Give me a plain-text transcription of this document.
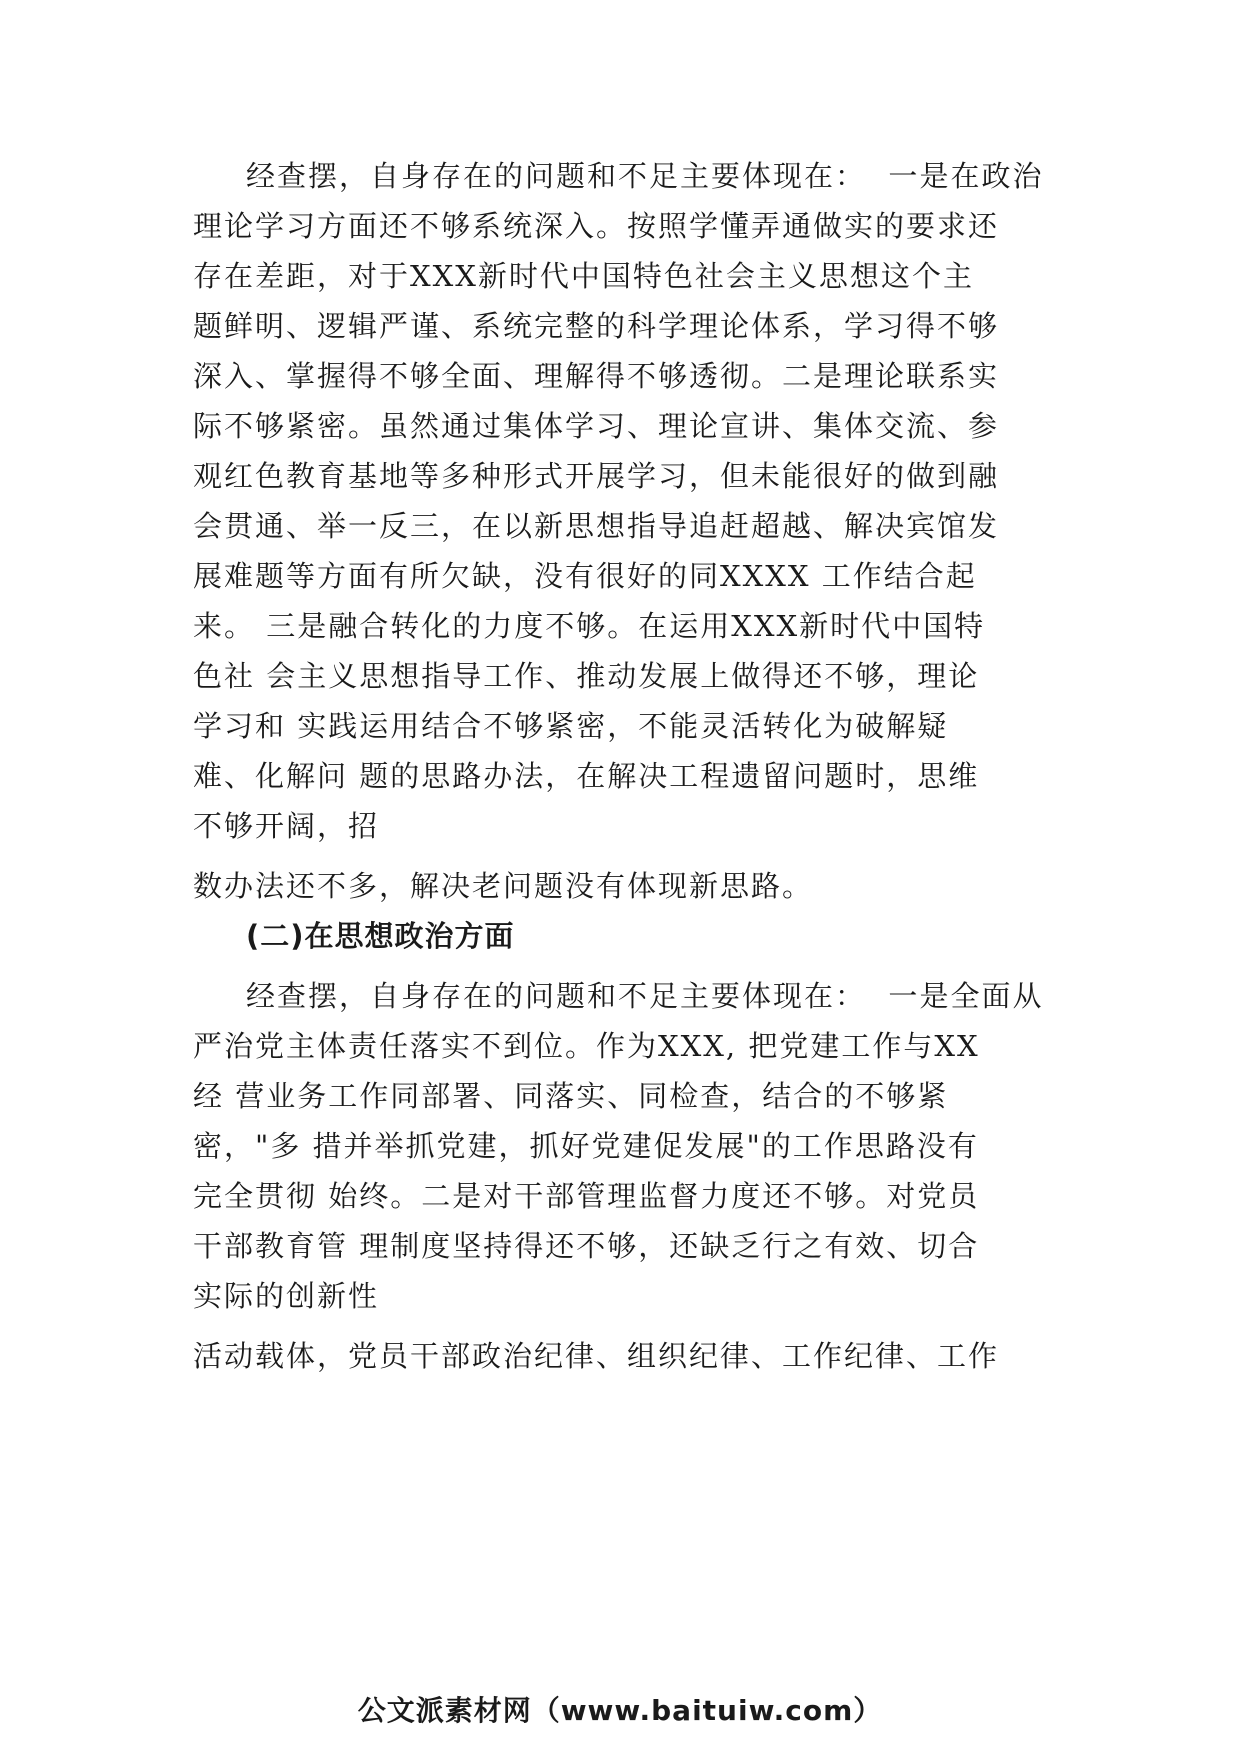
经查摆，自身存在的问题和不足主要体现在：  一是在政治
理论学习方面还不够系统深入。按照学懂弄通做实的要求还
存在差距，对于XXX新时代中国特色社会主义思想这个主
题鲜明、逻辑严谨、系统完整的科学理论体系，学习得不够
深入、掌握得不够全面、理解得不够透彻。二是理论联系实
际不够紧密。虽然通过集体学习、理论宣讲、集体交流、参
观红色教育基地等多种形式开展学习，但未能很好的做到融
会贯通、举一反三，在以新思想指导追赶超越、解决宾馆发
展难题等方面有所欠缺，没有很好的同XXXX 工作结合起
来。 三是融合转化的力度不够。在运用XXX新时代中国特
色社 会主义思想指导工作、推动发展上做得还不够，理论
学习和 实践运用结合不够紧密，不能灵活转化为破解疑
难、化解问 题的思路办法，在解决工程遗留问题时，思维
不够开阔，招
数办法还不多，解决老问题没有体现新思路。
(二)在思想政治方面
经查摆，自身存在的问题和不足主要体现在：  一是全面从
严治党主体责任落实不到位。作为XXX, 把党建工作与XX
经 营业务工作同部署、同落实、同检查，结合的不够紧
密，"多 措并举抓党建，抓好党建促发展"的工作思路没有
完全贯彻 始终。二是对干部管理监督力度还不够。对党员
干部教育管 理制度坚持得还不够，还缺乏行之有效、切合
实际的创新性
活动载体，党员干部政治纪律、组织纪律、工作纪律、工作
公文派素材网（www.baituiw.com）
